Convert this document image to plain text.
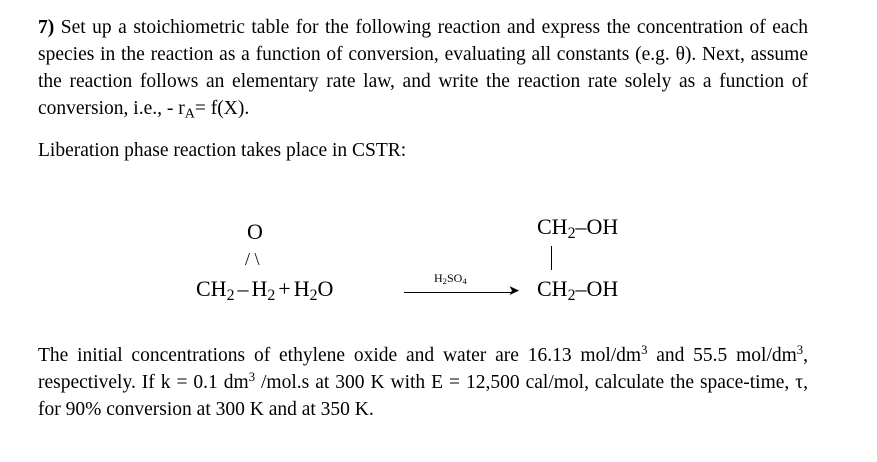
7) Set up a stoichiometric table for the following reaction and express the concentration of each species in the reaction as a function of conversion, evaluating all constants (e.g. θ). Next, assume the reaction follows an elementary rate law, and write the reaction rate solely as a function of conversion, i.e., - $r_A= f(X)$.
Liberation phase reaction takes place in CSTR:
O
/ \
$CH_2 - H_2 + H_2O$	$H_2SO_4$
➤
$CH_2-OH$
$CH_2-OH$
The initial concentrations of ethylene oxide and water are 16.13 mol/$dm^3$ and 55.5 mol/$dm^3$, respectively. If k = 0.1 $dm^3$ /mol.s at 300 K with E = 12,500 cal/mol, calculate the space-time, τ, for 90% conversion at 300 K and at 350 K.
